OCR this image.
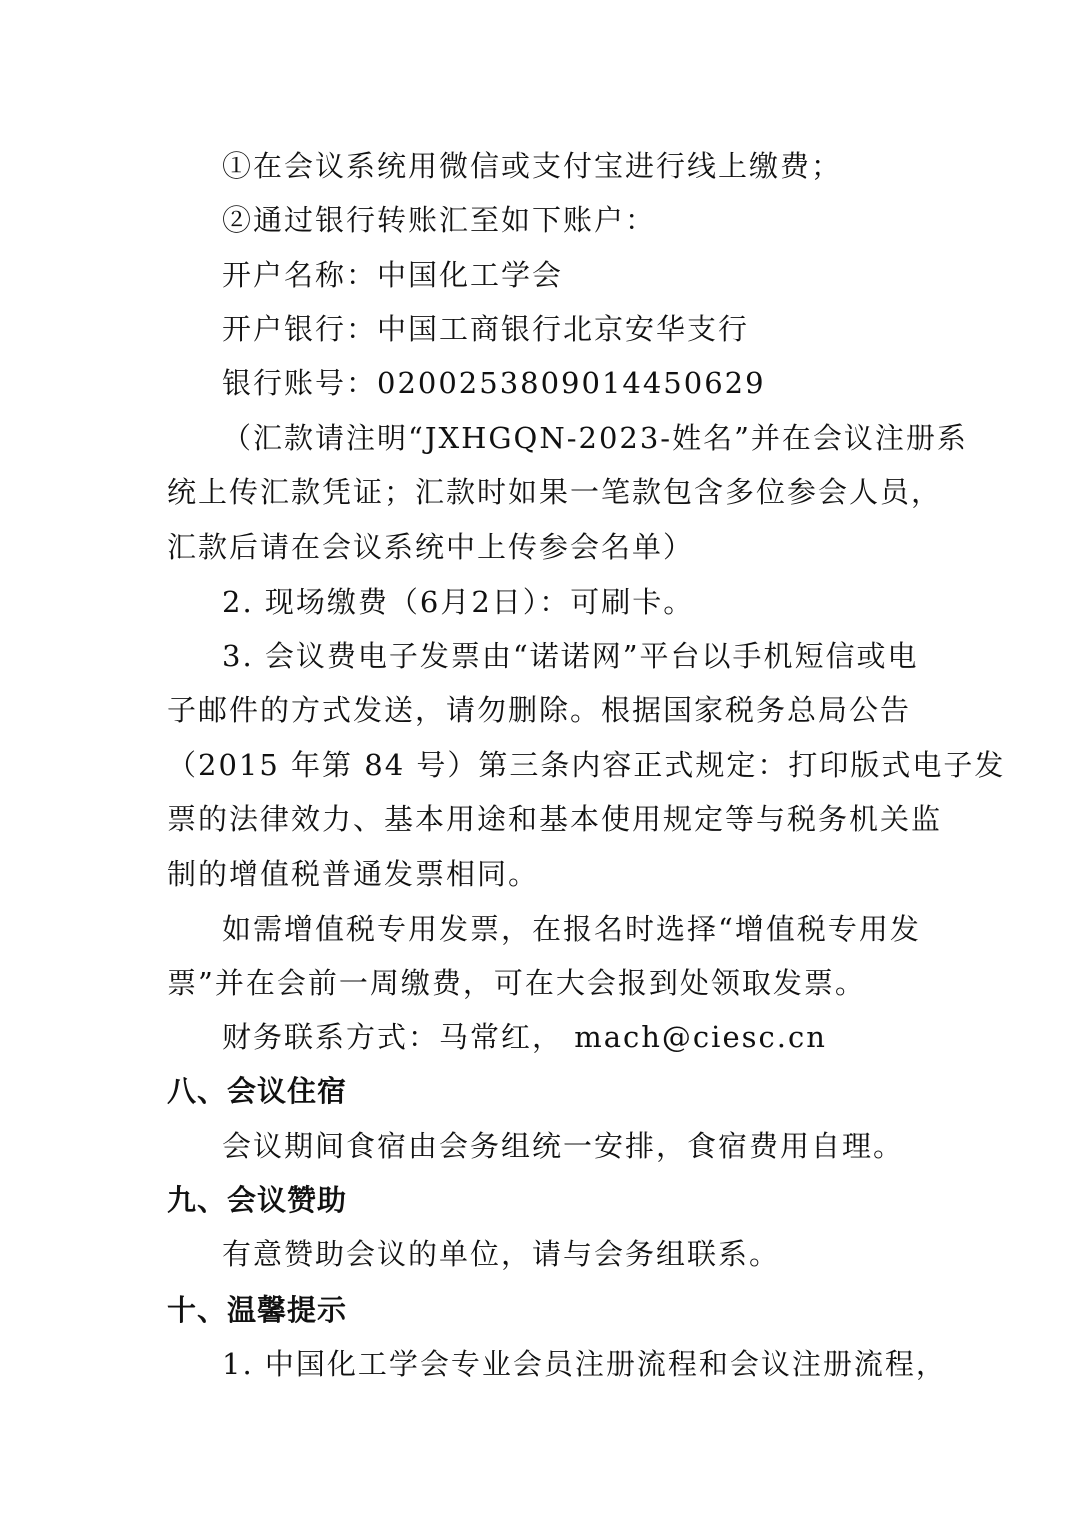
①在会议系统用微信或支付宝进行线上缴费；
②通过银行转账汇至如下账户：
开户名称：中国化工学会
开户银行：中国工商银行北京安华支行
银行账号：0200253809014450629
（汇款请注明“JXHGQN-2023-姓名”并在会议注册系
统上传汇款凭证；汇款时如果一笔款包含多位参会人员，
汇款后请在会议系统中上传参会名单）
2. 现场缴费（6月2日）：可刷卡。
3. 会议费电子发票由“诺诺网”平台以手机短信或电
子邮件的方式发送，请勿删除。根据国家税务总局公告
（2015 年第 84 号）第三条内容正式规定：打印版式电子发
票的法律效力、基本用途和基本使用规定等与税务机关监
制的增值税普通发票相同。
如需增值税专用发票，在报名时选择“增值税专用发
票”并在会前一周缴费，可在大会报到处领取发票。
财务联系方式：马常红， mach@ciesc.cn
八、会议住宿
会议期间食宿由会务组统一安排，食宿费用自理。
九、会议赞助
有意赞助会议的单位，请与会务组联系。
十、温馨提示
1. 中国化工学会专业会员注册流程和会议注册流程，
